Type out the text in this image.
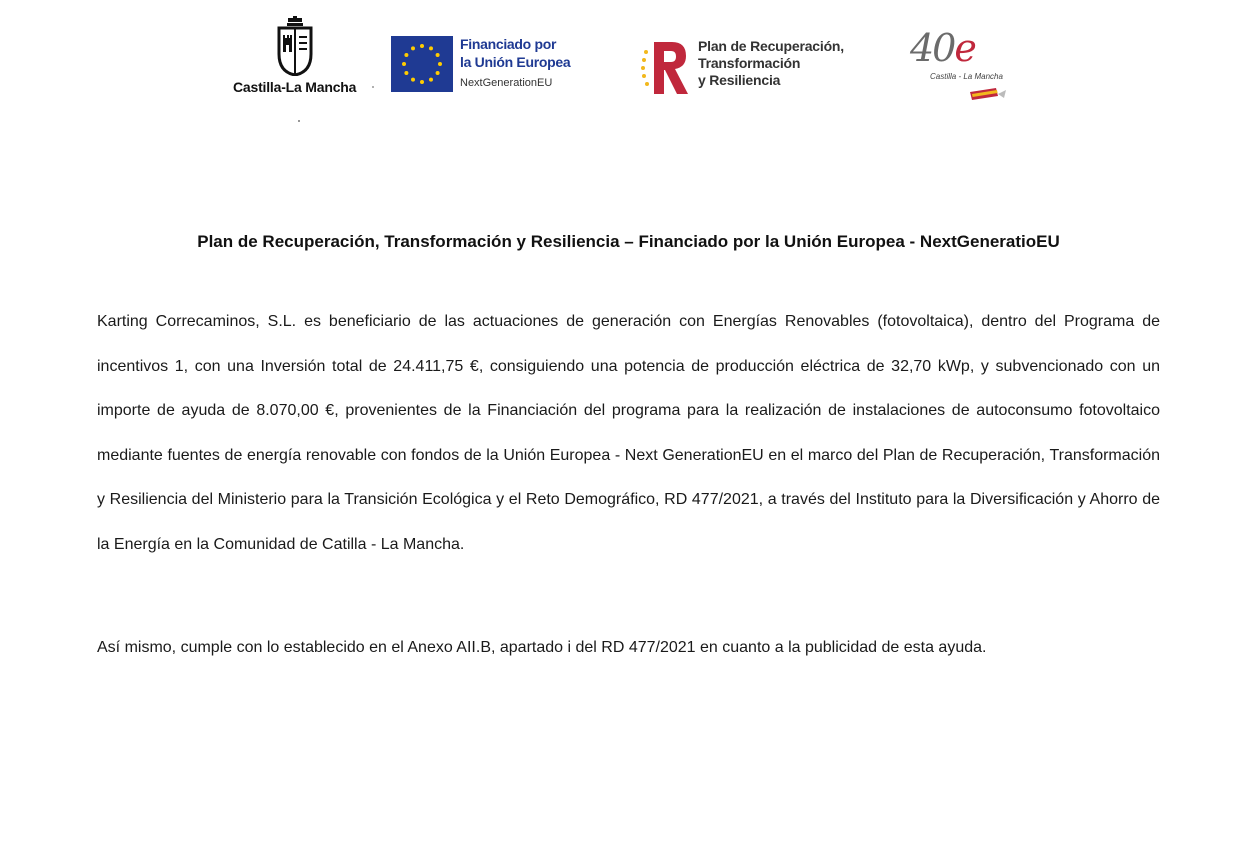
Castilla-La Mancha
Financiado por
la Unión Europea
NextGenerationEU
Plan de Recuperación,
Transformación
y Resiliencia
40e
Castilla - La Mancha
Plan de Recuperación, Transformación y Resiliencia – Financiado por la Unión Europea - NextGeneratioEU

Karting Correcaminos, S.L. es beneficiario de las actuaciones de generación con Energías Renovables (fotovoltaica), dentro del Programa de incentivos 1, con una Inversión total de 24.411,75 €, consiguiendo una potencia de producción eléctrica de 32,70 kWp, y subvencionado con un importe de ayuda de 8.070,00 €, provenientes de la Financiación del programa para la realización de instalaciones de autoconsumo fotovoltaico mediante fuentes de energía renovable con fondos de la Unión Europea - Next GenerationEU en el marco del Plan de Recuperación, Transformación y Resiliencia del Ministerio para la Transición Ecológica y el Reto Demográfico, RD 477/2021, a través del Instituto para la Diversificación y Ahorro de la Energía en la Comunidad de Catilla - La Mancha.

Así mismo, cumple con lo establecido en el Anexo AII.B, apartado i del RD 477/2021 en cuanto a la publicidad de esta ayuda.
